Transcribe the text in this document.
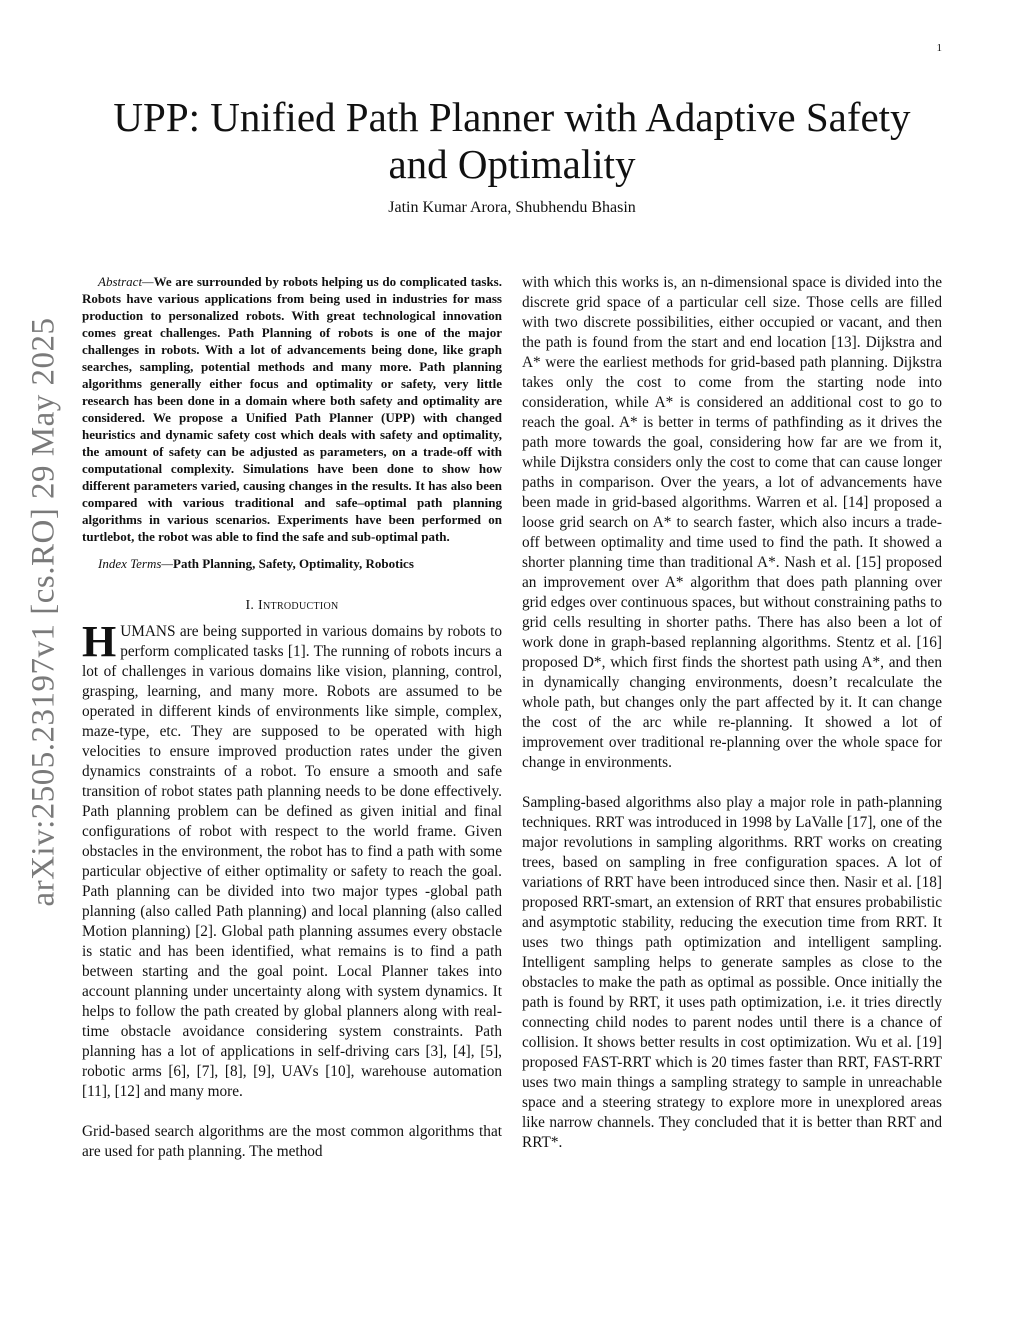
1
arXiv:2505.23197v1 [cs.RO] 29 May 2025
UPP: Unified Path Planner with Adaptive Safety and Optimality
Jatin Kumar Arora, Shubhendu Bhasin

Abstract—We are surrounded by robots helping us do complicated tasks. Robots have various applications from being used in industries for mass production to personalized robots. With great technological innovation comes great challenges. Path Planning of robots is one of the major challenges in robots. With a lot of advancements being done, like graph searches, sampling, potential methods and many more. Path planning algorithms generally either focus and optimality or safety, very little research has been done in a domain where both safety and optimality are considered. We propose a Unified Path Planner (UPP) with changed heuristics and dynamic safety cost which deals with safety and optimality, the amount of safety can be adjusted as parameters, on a trade-off with computational complexity. Simulations have been done to show how different parameters varied, causing changes in the results. It has also been compared with various traditional and safe–optimal path planning algorithms in various scenarios. Experiments have been performed on turtlebot, the robot was able to find the safe and sub-optimal path.

Index Terms—Path Planning, Safety, Optimality, Robotics

I. Introduction

HUMANS are being supported in various domains by robots to perform complicated tasks [1]. The running of robots incurs a lot of challenges in various domains like vision, planning, control, grasping, learning, and many more. Robots are assumed to be operated in different kinds of environments like simple, complex, maze-type, etc. They are supposed to be operated with high velocities to ensure improved production rates under the given dynamics constraints of a robot. To ensure a smooth and safe transition of robot states path planning needs to be done effectively. Path planning problem can be defined as given initial and final configurations of robot with respect to the world frame. Given obstacles in the environment, the robot has to find a path with some particular objective of either optimality or safety to reach the goal. Path planning can be divided into two major types -global path planning (also called Path planning) and local planning (also called Motion planning) [2]. Global path planning assumes every obstacle is static and has been identified, what remains is to find a path between starting and the goal point. Local Planner takes into account planning under uncertainty along with system dynamics. It helps to follow the path created by global planners along with real-time obstacle avoidance considering system constraints. Path planning has a lot of applications in self-driving cars [3], [4], [5], robotic arms [6], [7], [8], [9], UAVs [10], warehouse automation [11], [12] and many more.

Grid-based search algorithms are the most common algorithms that are used for path planning. The method

with which this works is, an n-dimensional space is divided into the discrete grid space of a particular cell size. Those cells are filled with two discrete possibilities, either occupied or vacant, and then the path is found from the start and end location [13]. Dijkstra and A* were the earliest methods for grid-based path planning. Dijkstra takes only the cost to come from the starting node into consideration, while A* is considered an additional cost to go to reach the goal. A* is better in terms of pathfinding as it drives the path more towards the goal, considering how far are we from it, while Dijkstra considers only the cost to come that can cause longer paths in comparison. Over the years, a lot of advancements have been made in grid-based algorithms. Warren et al. [14] proposed a loose grid search on A* to search faster, which also incurs a trade-off between optimality and time used to find the path. It showed a shorter planning time than traditional A*. Nash et al. [15] proposed an improvement over A* algorithm that does path planning over grid edges over continuous spaces, but without constraining paths to grid cells resulting in shorter paths. There has also been a lot of work done in graph-based replanning algorithms. Stentz et al. [16] proposed D*, which first finds the shortest path using A*, and then in dynamically changing environments, doesn’t recalculate the whole path, but changes only the part affected by it. It can change the cost of the arc while re-planning. It showed a lot of improvement over traditional re-planning over the whole space for change in environments.

Sampling-based algorithms also play a major role in path-planning techniques. RRT was introduced in 1998 by LaValle [17], one of the major revolutions in sampling algorithms. RRT works on creating trees, based on sampling in free configuration spaces. A lot of variations of RRT have been introduced since then. Nasir et al. [18] proposed RRT-smart, an extension of RRT that ensures probabilistic and asymptotic stability, reducing the execution time from RRT. It uses two things path optimization and intelligent sampling. Intelligent sampling helps to generate samples as close to the obstacles to make the path as optimal as possible. Once initially the path is found by RRT, it uses path optimization, i.e. it tries directly connecting child nodes to parent nodes until there is a chance of collision. It shows better results in cost optimization. Wu et al. [19] proposed FAST-RRT which is 20 times faster than RRT, FAST-RRT uses two main things a sampling strategy to sample in unreachable space and a steering strategy to explore more in unexplored areas like narrow channels. They concluded that it is better than RRT and RRT*.
